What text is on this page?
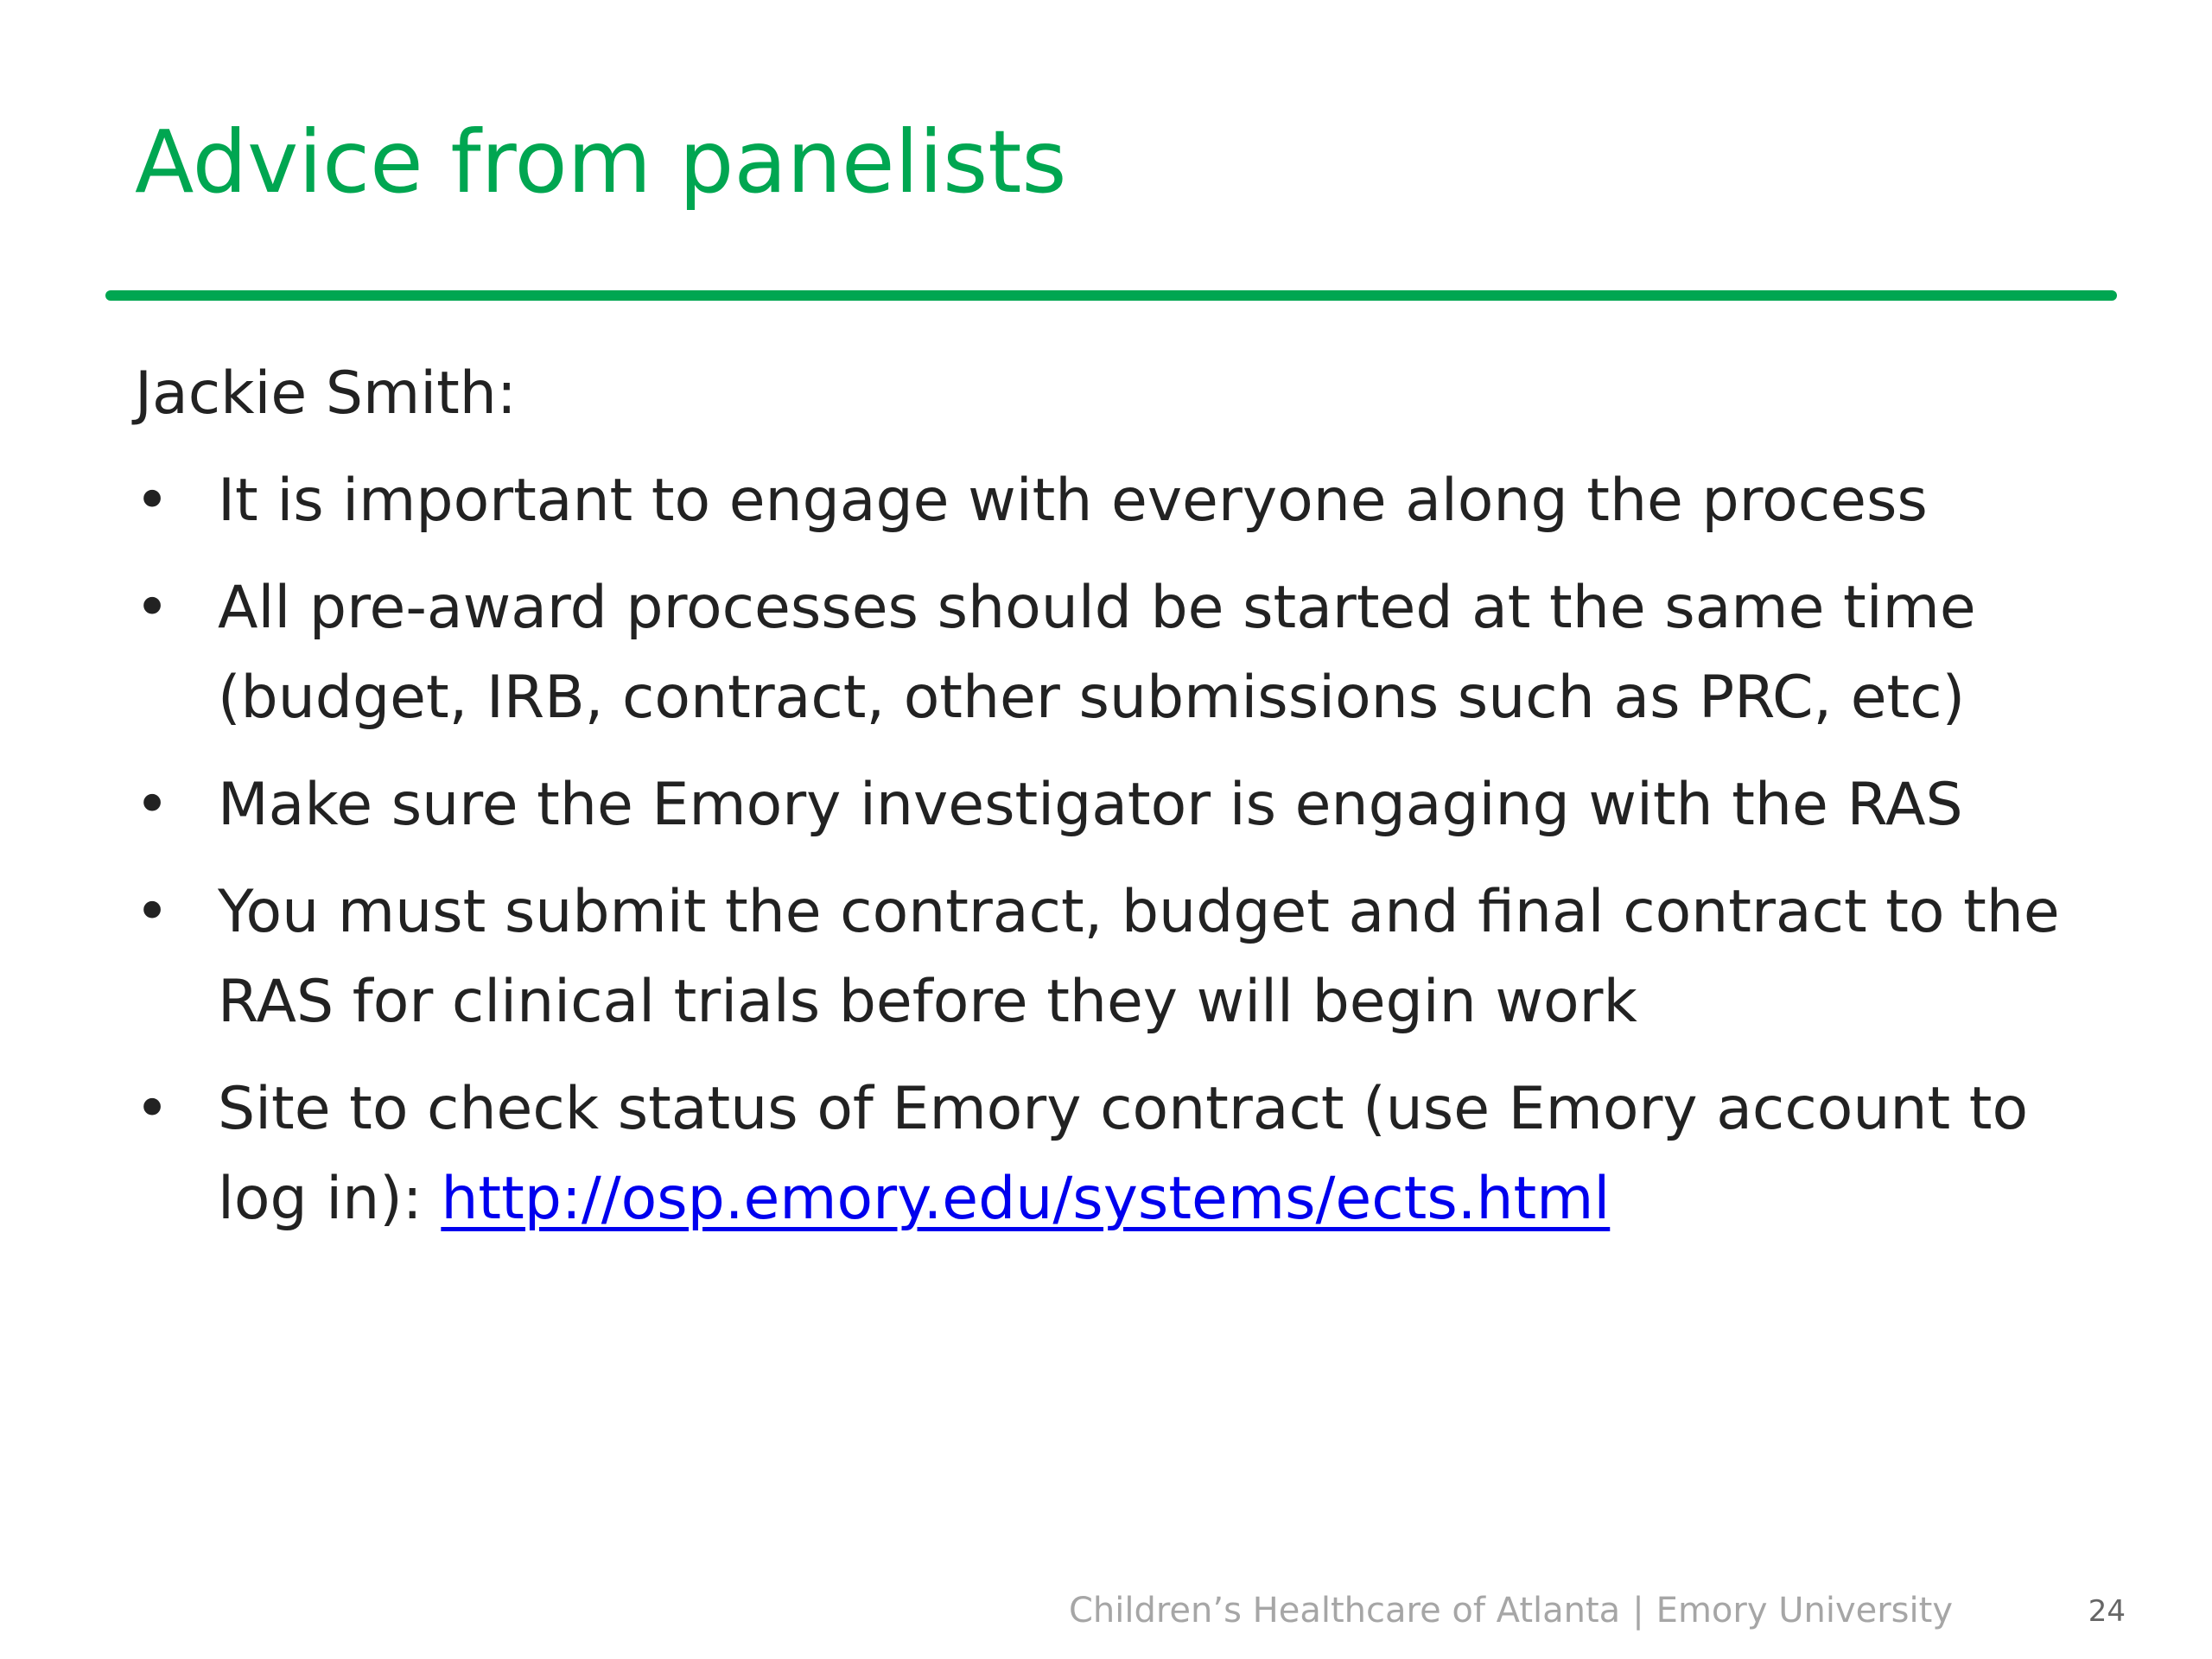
Advice from panelists

Jackie Smith:

• It is important to engage with everyone along the process
• All pre-award processes should be started at the same time (budget, IRB, contract, other submissions such as PRC, etc)
• Make sure the Emory investigator is engaging with the RAS
• You must submit the contract, budget and final contract to the RAS for clinical trials before they will begin work
• Site to check status of Emory contract (use Emory account to log in): http://osp.emory.edu/systems/ects.html
Children’s Healthcare of Atlanta | Emory University	24
